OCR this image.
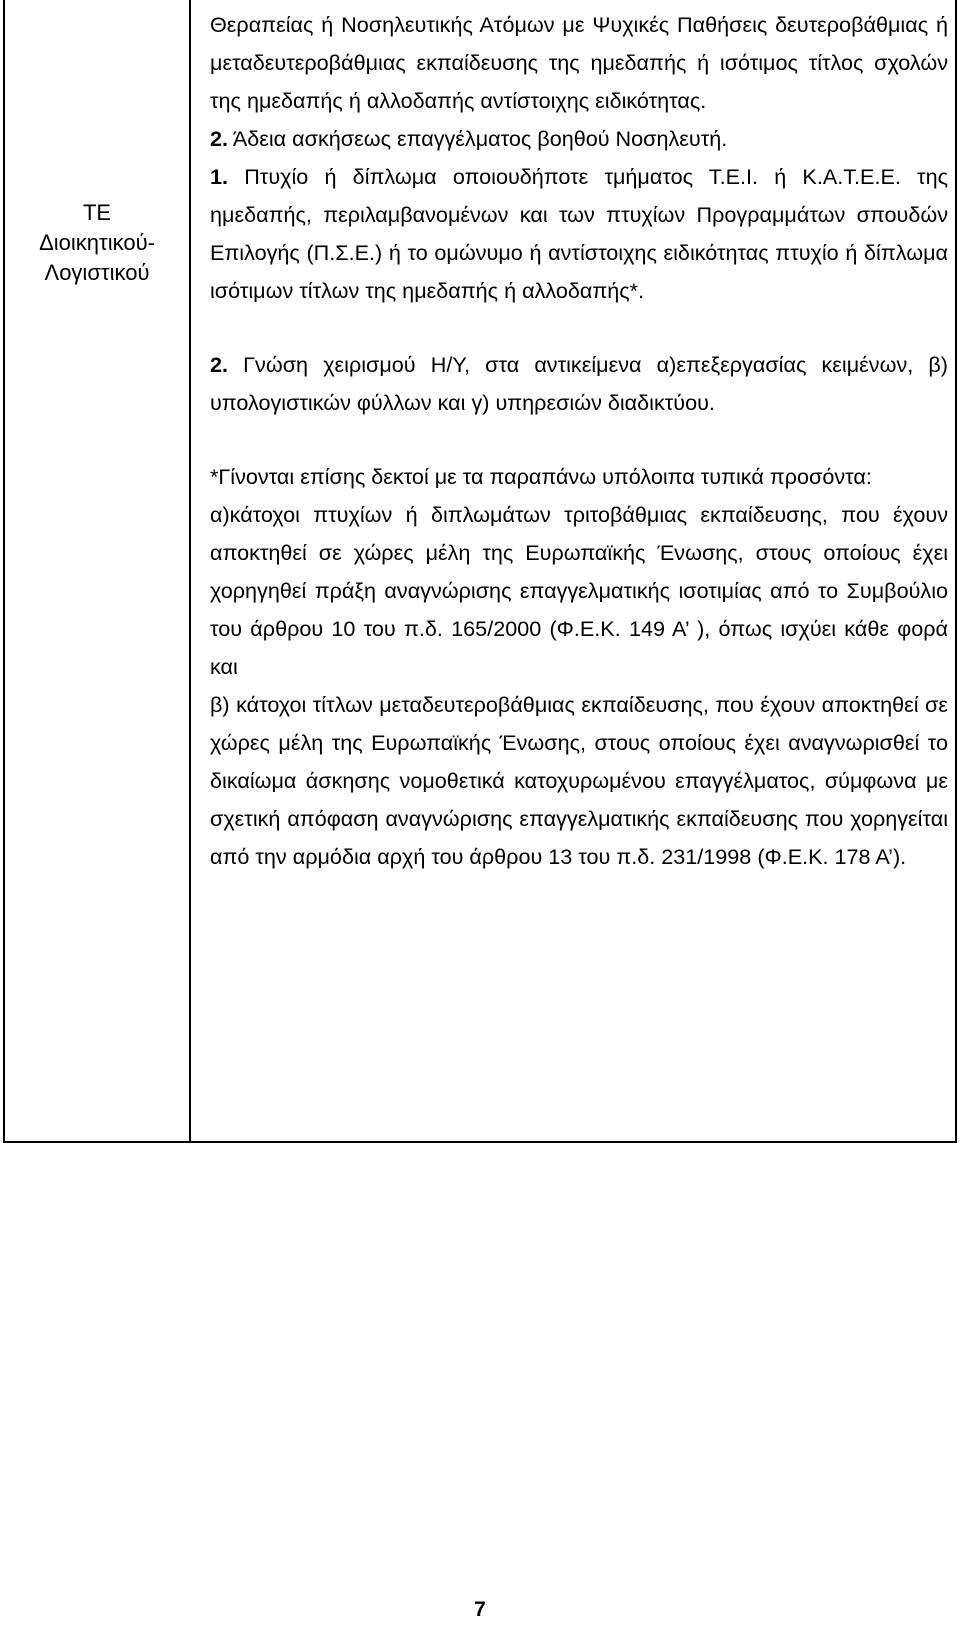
ΤΕ
Διοικητικού-
Λογιστικού

Θεραπείας ή Νοσηλευτικής Ατόμων με Ψυχικές Παθήσεις δευτεροβάθμιας ή μεταδευτεροβάθμιας εκπαίδευσης της ημεδαπής ή ισότιμος τίτλος σχολών της ημεδαπής ή αλλοδαπής αντίστοιχης ειδικότητας.

2. Άδεια ασκήσεως επαγγέλματος βοηθού Νοσηλευτή.

1. Πτυχίο ή δίπλωμα οποιουδήποτε τμήματος Τ.Ε.Ι. ή Κ.Α.Τ.Ε.Ε. της ημεδαπής, περιλαμβανομένων και των πτυχίων Προγραμμάτων σπουδών Επιλογής (Π.Σ.Ε.) ή το ομώνυμο ή αντίστοιχης ειδικότητας πτυχίο ή δίπλωμα ισότιμων τίτλων της ημεδαπής ή αλλοδαπής*.

2. Γνώση χειρισμού Η/Υ, στα αντικείμενα α)επεξεργασίας κειμένων, β) υπολογιστικών φύλλων και γ) υπηρεσιών διαδικτύου.

*Γίνονται επίσης δεκτοί με τα παραπάνω υπόλοιπα τυπικά προσόντα:

α)κάτοχοι πτυχίων ή διπλωμάτων τριτοβάθμιας εκπαίδευσης, που έχουν αποκτηθεί σε χώρες μέλη της Ευρωπαϊκής Ένωσης, στους οποίους έχει χορηγηθεί πράξη αναγνώρισης επαγγελματικής ισοτιμίας από το Συμβούλιο του άρθρου 10 του π.δ. 165/2000 (Φ.Ε.Κ. 149 Α’ ), όπως ισχύει κάθε φορά και

β) κάτοχοι τίτλων μεταδευτεροβάθμιας εκπαίδευσης, που έχουν αποκτηθεί σε χώρες μέλη της Ευρωπαϊκής Ένωσης, στους οποίους έχει αναγνωρισθεί το δικαίωμα άσκησης νομοθετικά κατοχυρωμένου επαγγέλματος, σύμφωνα με σχετική απόφαση αναγνώρισης επαγγελματικής εκπαίδευσης που χορηγείται από την αρμόδια αρχή του άρθρου 13 του π.δ. 231/1998 (Φ.Ε.Κ. 178 Α’).

7
